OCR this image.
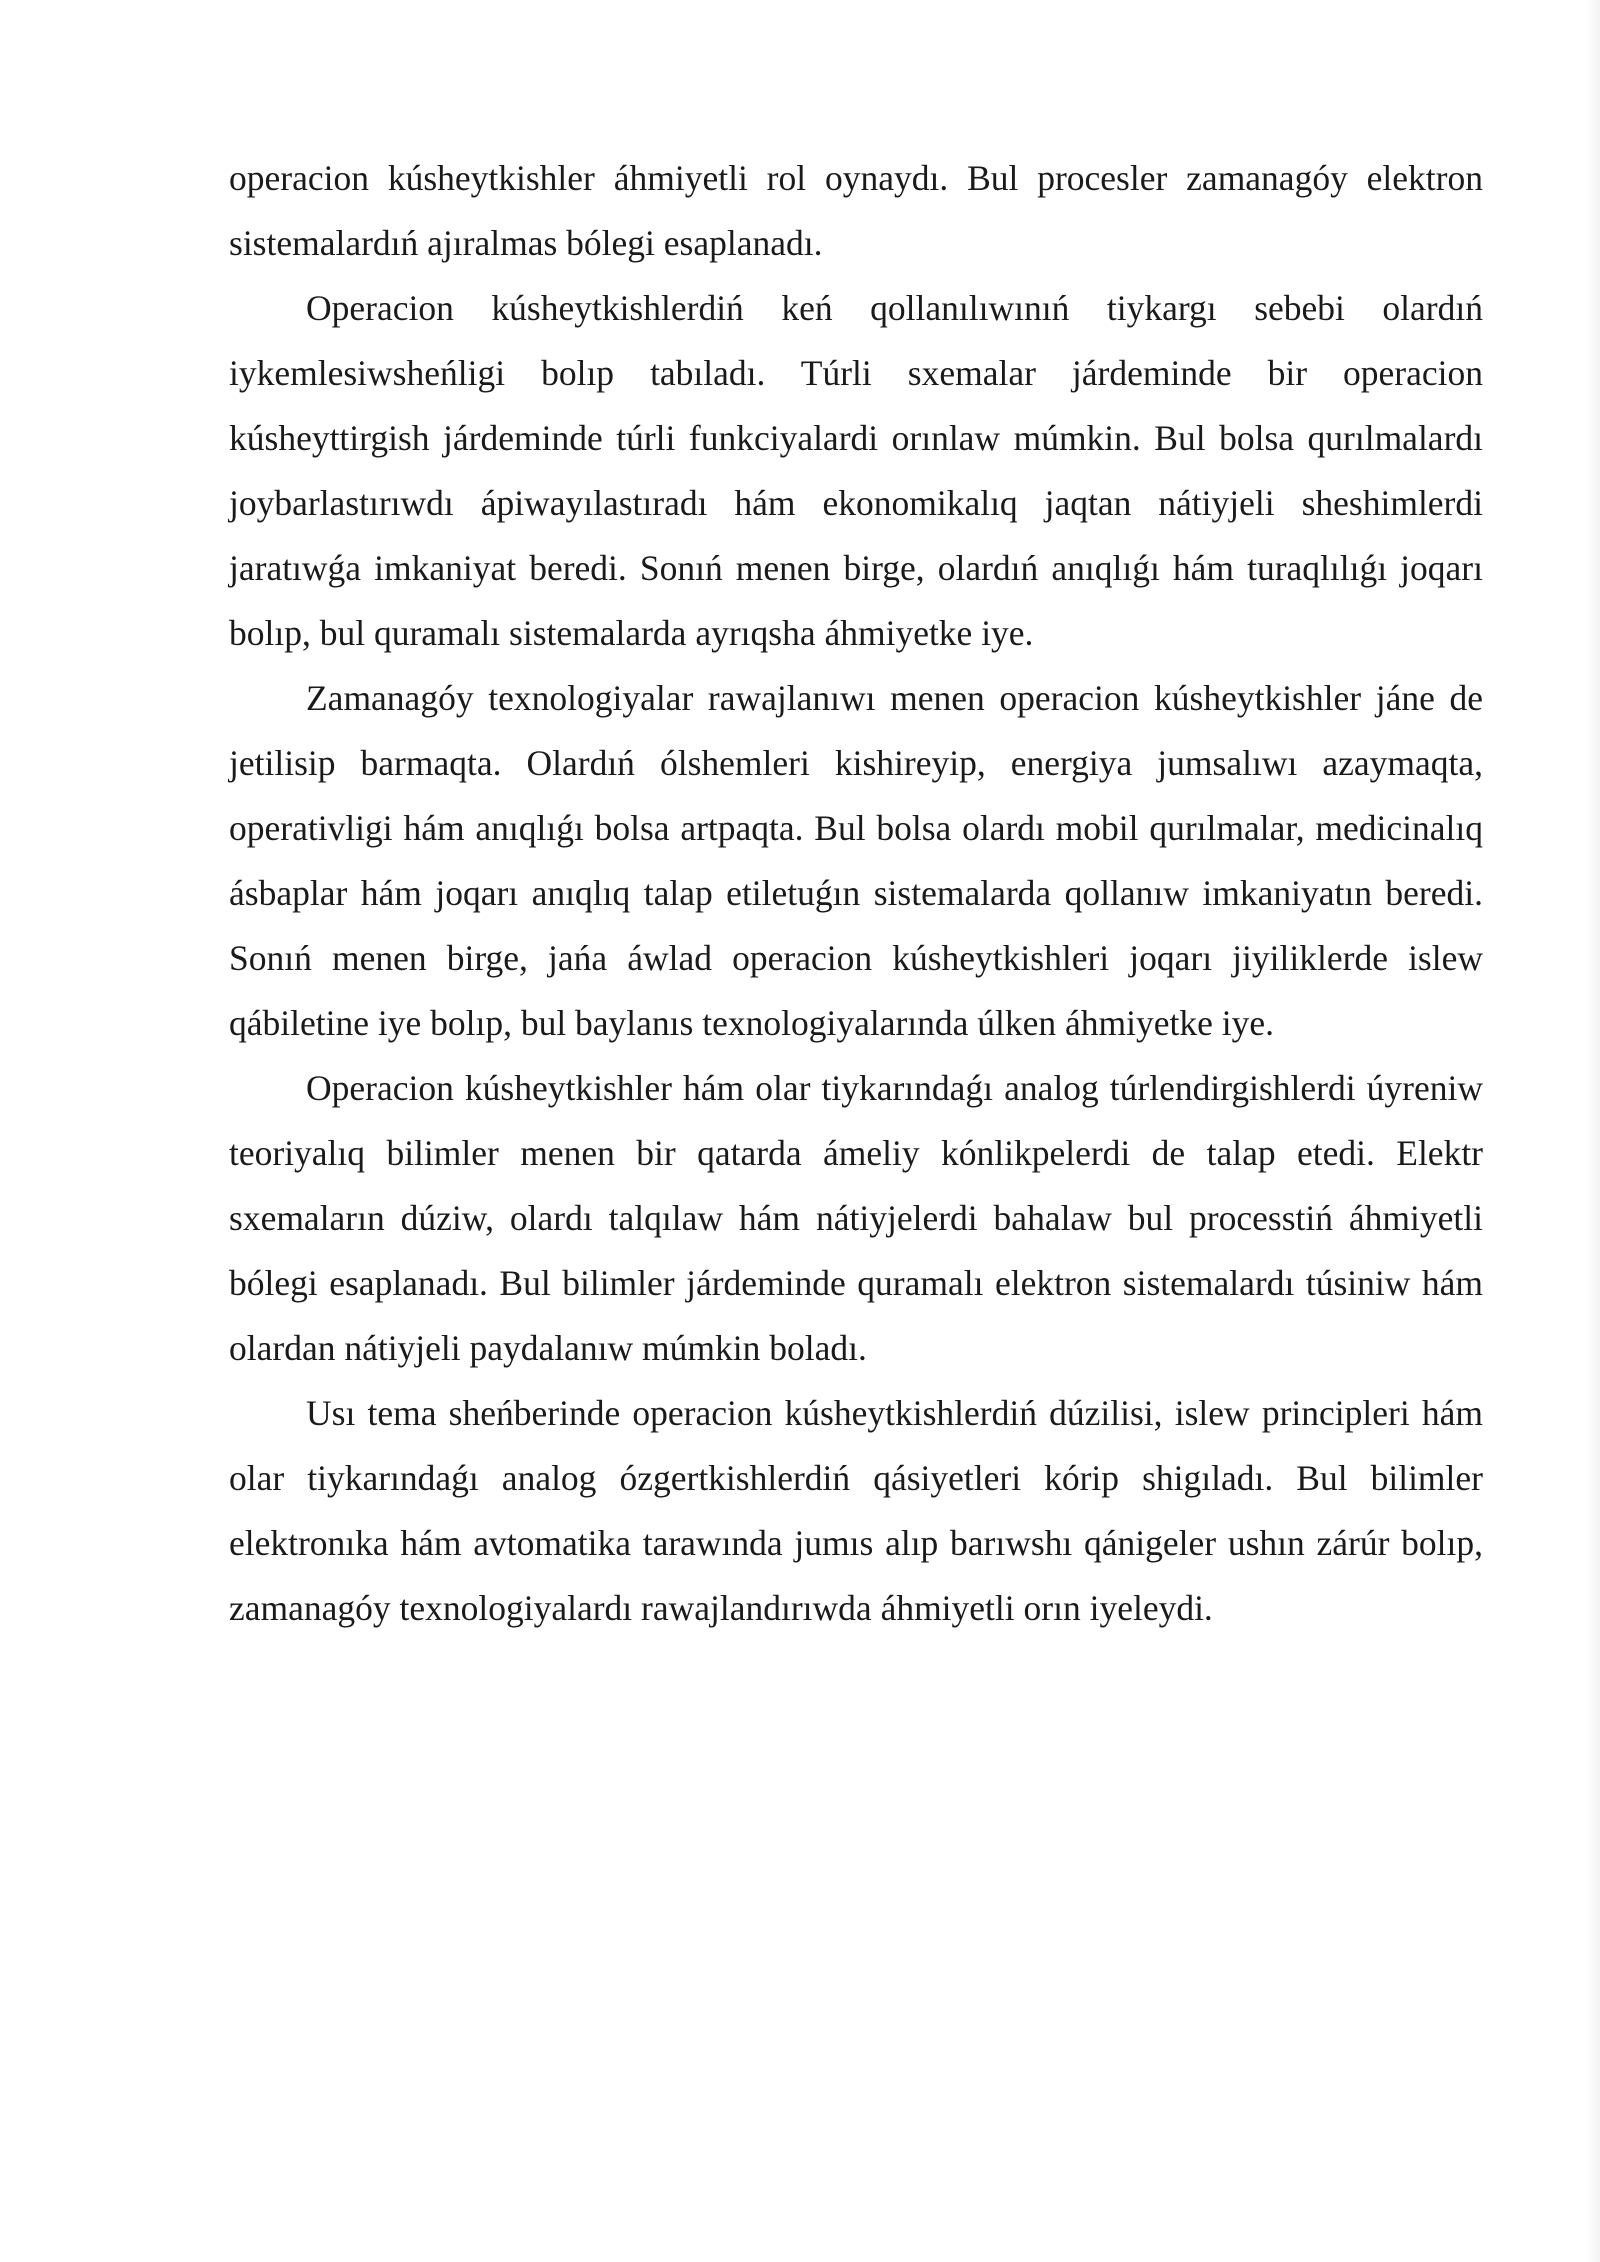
operacion kúsheytkishler áhmiyetli rol oynaydı. Bul procesler zamanagóy elektron sistemalardıń ajıralmas bólegi esaplanadı.

Operacion kúsheytkishlerdiń keń qollanılıwınıń tiykargı sebebi olardıń iykemlesiwsheńligi bolıp tabıladı. Túrli sxemalar járdeminde bir operacion kúsheyttirgish járdeminde túrli funkciyalardi orınlaw múmkin. Bul bolsa qurılmalardı joybarlastırıwdı ápiwayılastıradı hám ekonomikalıq jaqtan nátiyjeli sheshimlerdi jaratıwǵa imkaniyat beredi. Sonıń menen birge, olardıń anıqlıǵı hám turaqlılıǵı joqarı bolıp, bul quramalı sistemalarda ayrıqsha áhmiyetke iye.

Zamanagóy texnologiyalar rawajlanıwı menen operacion kúsheytkishler jáne de jetilisip barmaqta. Olardıń ólshemleri kishireyip, energiya jumsalıwı azaymaqta, operativligi hám anıqlıǵı bolsa artpaqta. Bul bolsa olardı mobil qurılmalar, medicinalıq ásbaplar hám joqarı anıqlıq talap etiletuǵın sistemalarda qollanıw imkaniyatın beredi. Sonıń menen birge, jańa áwlad operacion kúsheytkishleri joqarı jiyiliklerde islew qábiletine iye bolıp, bul baylanıs texnologiyalarında úlken áhmiyetke iye.

Operacion kúsheytkishler hám olar tiykarındaǵı analog túrlendirgishlerdi úyreniw teoriyalıq bilimler menen bir qatarda ámeliy kónlikpelerdi de talap etedi. Elektr sxemaların dúziw, olardı talqılaw hám nátiyjelerdi bahalaw bul processtiń áhmiyetli bólegi esaplanadı. Bul bilimler járdeminde quramalı elektron sistemalardı túsiniw hám olardan nátiyjeli paydalanıw múmkin boladı.

Usı tema sheńberinde operacion kúsheytkishlerdiń dúzilisi, islew principleri hám olar tiykarındaǵı analog ózgertkishlerdiń qásiyetleri kórip shigıladı. Bul bilimler elektronıka hám avtomatika tarawında jumıs alıp barıwshı qánigeler ushın zárúr bolıp, zamanagóy texnologiyalardı rawajlandırıwda áhmiyetli orın iyeleydi.
